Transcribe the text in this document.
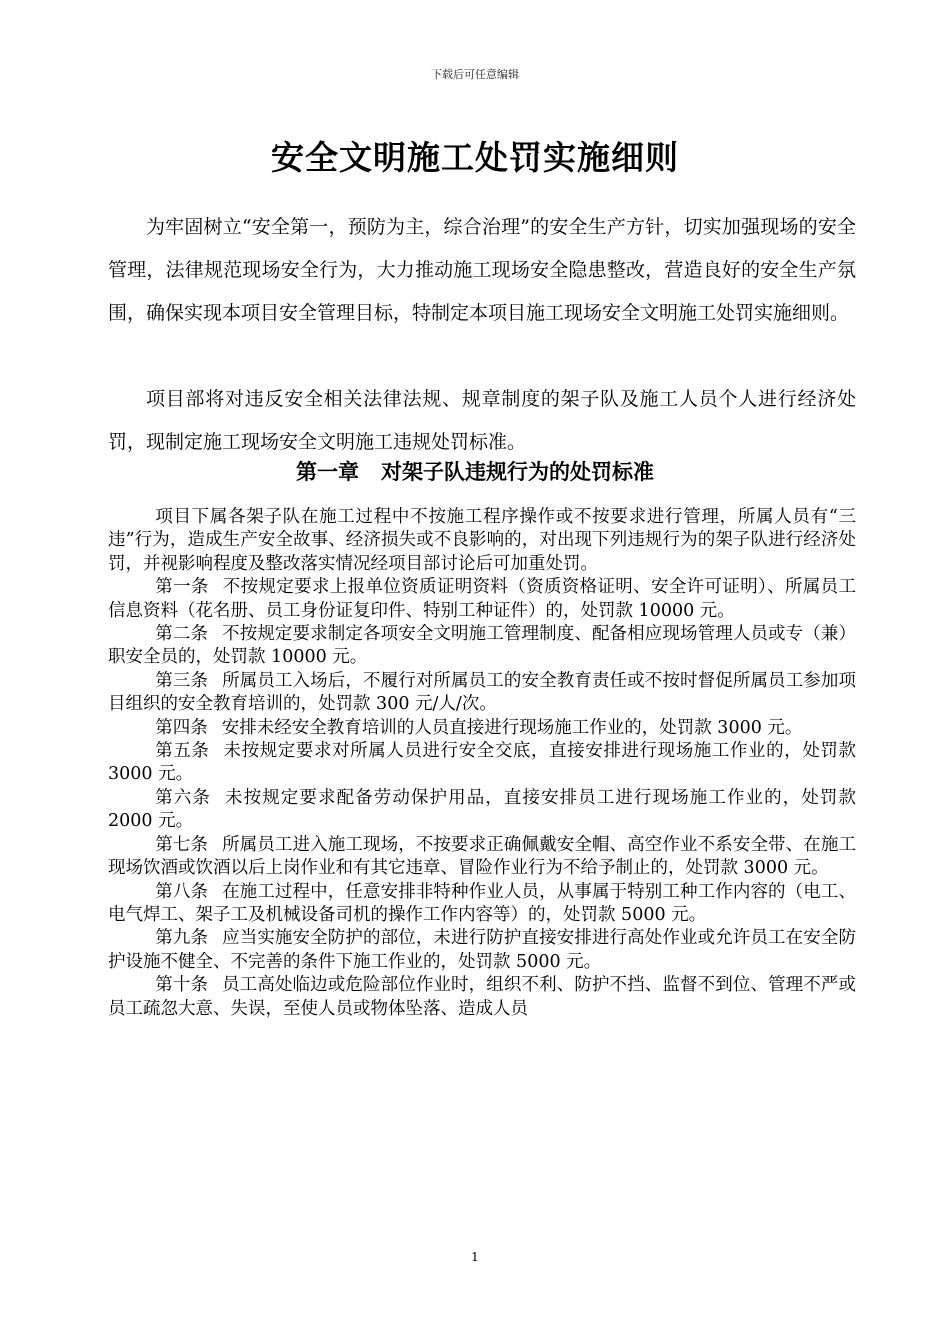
下载后可任意编辑
安全文明施工处罚实施细则

为牢固树立“安全第一，预防为主，综合治理”的安全生产方针，切实加强现场的安全管理，法律规范现场安全行为，大力推动施工现场安全隐患整改，营造良好的安全生产氛围，确保实现本项目安全管理目标，特制定本项目施工现场安全文明施工处罚实施细则。

项目部将对违反安全相关法律法规、规章制度的架子队及施工人员个人进行经济处罚，现制定施工现场安全文明施工违规处罚标准。

第一章 对架子队违规行为的处罚标准

项目下属各架子队在施工过程中不按施工程序操作或不按要求进行管理，所属人员有“三违”行为，造成生产安全故事、经济损失或不良影响的，对出现下列违规行为的架子队进行经济处罚，并视影响程度及整改落实情况经项目部讨论后可加重处罚。

第一条 不按规定要求上报单位资质证明资料（资质资格证明、安全许可证明）、所属员工信息资料（花名册、员工身份证复印件、特别工种证件）的，处罚款 10000 元。

第二条 不按规定要求制定各项安全文明施工管理制度、配备相应现场管理人员或专（兼）职安全员的，处罚款 10000 元。

第三条 所属员工入场后，不履行对所属员工的安全教育责任或不按时督促所属员工参加项目组织的安全教育培训的，处罚款 300 元/人/次。

第四条 安排未经安全教育培训的人员直接进行现场施工作业的，处罚款 3000 元。

第五条 未按规定要求对所属人员进行安全交底，直接安排进行现场施工作业的，处罚款 3000 元。

第六条 未按规定要求配备劳动保护用品，直接安排员工进行现场施工作业的，处罚款 2000 元。

第七条 所属员工进入施工现场，不按要求正确佩戴安全帽、高空作业不系安全带、在施工现场饮酒或饮酒以后上岗作业和有其它违章、冒险作业行为不给予制止的，处罚款 3000 元。

第八条 在施工过程中，任意安排非特种作业人员，从事属于特别工种工作内容的（电工、电气焊工、架子工及机械设备司机的操作工作内容等）的，处罚款 5000 元。

第九条 应当实施安全防护的部位，未进行防护直接安排进行高处作业或允许员工在安全防护设施不健全、不完善的条件下施工作业的，处罚款 5000 元。

第十条 员工高处临边或危险部位作业时，组织不利、防护不挡、监督不到位、管理不严或员工疏忽大意、失误，至使人员或物体坠落、造成人员

1
